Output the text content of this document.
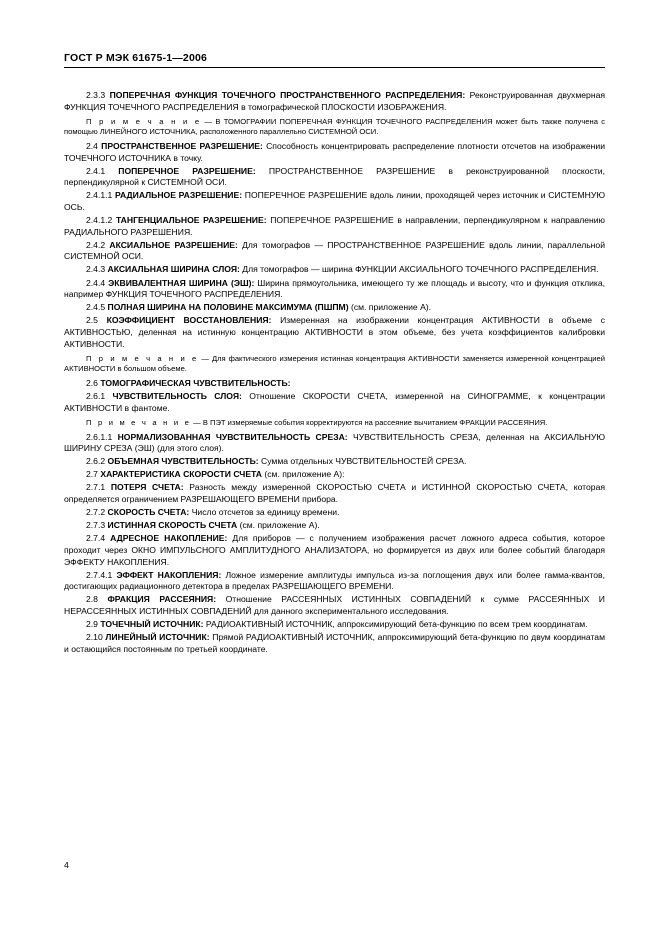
ГОСТ Р МЭК 61675-1—2006

2.3.3 ПОПЕРЕЧНАЯ ФУНКЦИЯ ТОЧЕЧНОГО ПРОСТРАНСТВЕННОГО РАСПРЕДЕЛЕНИЯ: Реконструированная двухмерная ФУНКЦИЯ ТОЧЕЧНОГО РАСПРЕДЕЛЕНИЯ в томографической ПЛОСКОСТИ ИЗОБРАЖЕНИЯ.

П р и м е ч а н и е — В ТОМОГРАФИИ ПОПЕРЕЧНАЯ ФУНКЦИЯ ТОЧЕЧНОГО РАСПРЕДЕЛЕНИЯ может быть также получена с помощью ЛИНЕЙНОГО ИСТОЧНИКА, расположенного параллельно СИСТЕМНОЙ ОСИ.

2.4 ПРОСТРАНСТВЕННОЕ РАЗРЕШЕНИЕ: Способность концентрировать распределение плотности отсчетов на изображении ТОЧЕЧНОГО ИСТОЧНИКА в точку.

2.4.1 ПОПЕРЕЧНОЕ РАЗРЕШЕНИЕ: ПРОСТРАНСТВЕННОЕ РАЗРЕШЕНИЕ в реконструированной плоскости, перпендикулярной к СИСТЕМНОЙ ОСИ.

2.4.1.1 РАДИАЛЬНОЕ РАЗРЕШЕНИЕ: ПОПЕРЕЧНОЕ РАЗРЕШЕНИЕ вдоль линии, проходящей через источник и СИСТЕМНУЮ ОСЬ.

2.4.1.2 ТАНГЕНЦИАЛЬНОЕ РАЗРЕШЕНИЕ: ПОПЕРЕЧНОЕ РАЗРЕШЕНИЕ в направлении, перпендикулярном к направлению РАДИАЛЬНОГО РАЗРЕШЕНИЯ.

2.4.2 АКСИАЛЬНОЕ РАЗРЕШЕНИЕ: Для томографов — ПРОСТРАНСТВЕННОЕ РАЗРЕШЕНИЕ вдоль линии, параллельной СИСТЕМНОЙ ОСИ.

2.4.3 АКСИАЛЬНАЯ ШИРИНА СЛОЯ: Для томографов — ширина ФУНКЦИИ АКСИАЛЬНОГО ТОЧЕЧНОГО РАСПРЕДЕЛЕНИЯ.

2.4.4 ЭКВИВАЛЕНТНАЯ ШИРИНА (ЭШ): Ширина прямоугольника, имеющего ту же площадь и высоту, что и функция отклика, например ФУНКЦИЯ ТОЧЕЧНОГО РАСПРЕДЕЛЕНИЯ.

2.4.5 ПОЛНАЯ ШИРИНА НА ПОЛОВИНЕ МАКСИМУМА (ПШПМ) (см. приложение А).

2.5 КОЭФФИЦИЕНТ ВОССТАНОВЛЕНИЯ: Измеренная на изображении концентрация АКТИВНОСТИ в объеме с АКТИВНОСТЬЮ, деленная на истинную концентрацию АКТИВНОСТИ в этом объеме, без учета коэффициентов калибровки АКТИВНОСТИ.

П р и м е ч а н и е — Для фактического измерения истинная концентрация АКТИВНОСТИ заменяется измеренной концентрацией АКТИВНОСТИ в большом объеме.

2.6 ТОМОГРАФИЧЕСКАЯ ЧУВСТВИТЕЛЬНОСТЬ:

2.6.1 ЧУВСТВИТЕЛЬНОСТЬ СЛОЯ: Отношение СКОРОСТИ СЧЕТА, измеренной на СИНОГРАММЕ, к концентрации АКТИВНОСТИ в фантоме.

П р и м е ч а н и е — В ПЭТ измеряемые события корректируются на рассеяние вычитанием ФРАКЦИИ РАССЕЯНИЯ.

2.6.1.1 НОРМАЛИЗОВАННАЯ ЧУВСТВИТЕЛЬНОСТЬ СРЕЗА: ЧУВСТВИТЕЛЬНОСТЬ СРЕЗА, деленная на АКСИАЛЬНУЮ ШИРИНУ СРЕЗА (ЭШ) (для этого слоя).

2.6.2 ОБЪЕМНАЯ ЧУВСТВИТЕЛЬНОСТЬ: Сумма отдельных ЧУВСТВИТЕЛЬНОСТЕЙ СРЕЗА.

2.7 ХАРАКТЕРИСТИКА СКОРОСТИ СЧЕТА (см. приложение А):

2.7.1 ПОТЕРЯ СЧЕТА: Разность между измеренной СКОРОСТЬЮ СЧЕТА и ИСТИННОЙ СКОРОСТЬЮ СЧЕТА, которая определяется ограничением РАЗРЕШАЮЩЕГО ВРЕМЕНИ прибора.

2.7.2 СКОРОСТЬ СЧЕТА: Число отсчетов за единицу времени.

2.7.3 ИСТИННАЯ СКОРОСТЬ СЧЕТА (см. приложение А).

2.7.4 АДРЕСНОЕ НАКОПЛЕНИЕ: Для приборов — с получением изображения расчет ложного адреса события, которое проходит через ОКНО ИМПУЛЬСНОГО АМПЛИТУДНОГО АНАЛИЗАТОРА, но формируется из двух или более событий благодаря ЭФФЕКТУ НАКОПЛЕНИЯ.

2.7.4.1 ЭФФЕКТ НАКОПЛЕНИЯ: Ложное измерение амплитуды импульса из-за поглощения двух или более гамма-квантов, достигающих радиационного детектора в пределах РАЗРЕШАЮЩЕГО ВРЕМЕНИ.

2.8 ФРАКЦИЯ РАССЕЯНИЯ: Отношение РАССЕЯННЫХ ИСТИННЫХ СОВПАДЕНИЙ к сумме РАССЕЯННЫХ И НЕРАССЕЯННЫХ ИСТИННЫХ СОВПАДЕНИЙ для данного экспериментального исследования.

2.9 ТОЧЕЧНЫЙ ИСТОЧНИК: РАДИОАКТИВНЫЙ ИСТОЧНИК, аппроксимирующий бета-функцию по всем трем координатам.

2.10 ЛИНЕЙНЫЙ ИСТОЧНИК: Прямой РАДИОАКТИВНЫЙ ИСТОЧНИК, аппроксимирующий бета-функцию по двум координатам и остающийся постоянным по третьей координате.

4
